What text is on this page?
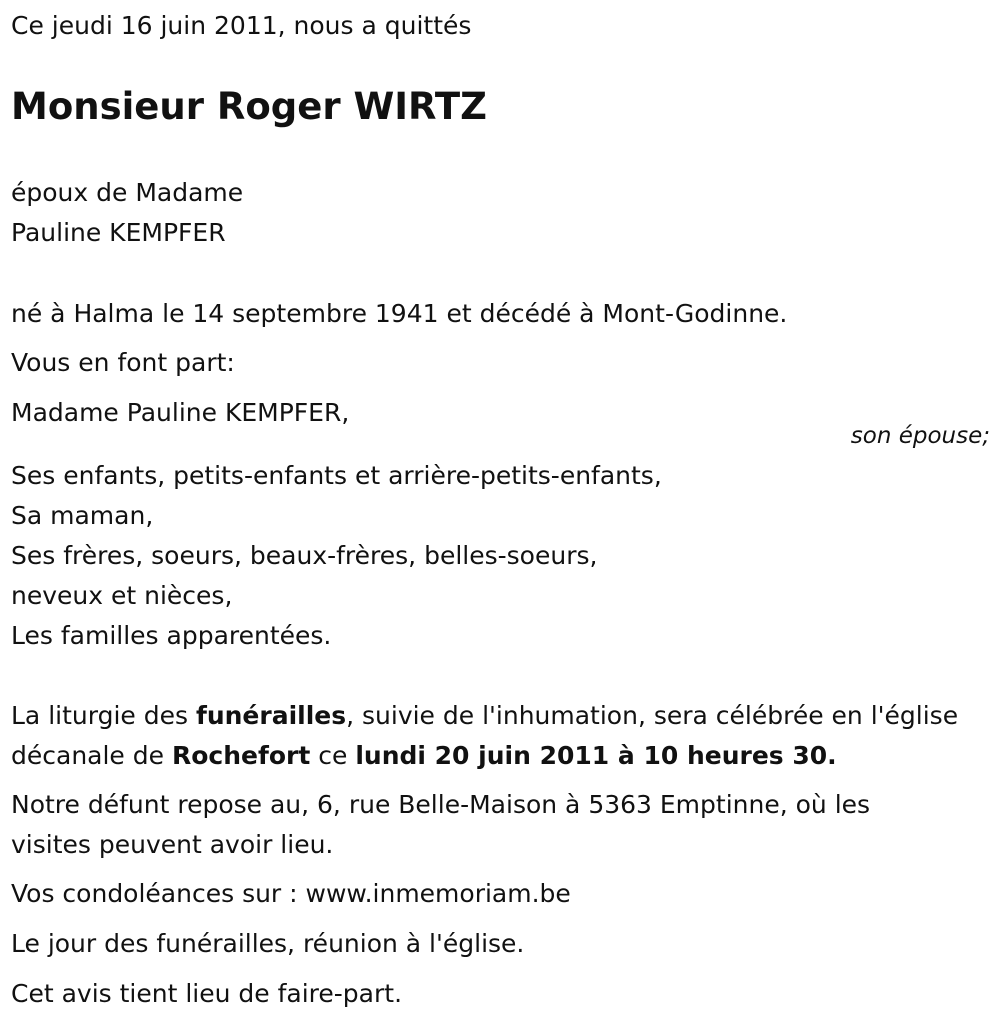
Ce jeudi 16 juin 2011, nous a quittés
Monsieur Roger WIRTZ
époux de Madame
Pauline KEMPFER
né à Halma le 14 septembre 1941 et décédé à Mont-Godinne.
Vous en font part:
Madame Pauline KEMPFER,
son épouse;
Ses enfants, petits-enfants et arrière-petits-enfants,
Sa maman,
Ses frères, soeurs, beaux-frères, belles-soeurs,
neveux et nièces,
Les familles apparentées.
La liturgie des funérailles, suivie de l'inhumation, sera célébrée en l'église
décanale de Rochefort ce lundi 20 juin 2011 à 10 heures 30.
Notre défunt repose au, 6, rue Belle-Maison à 5363 Emptinne, où les
visites peuvent avoir lieu.
Vos condoléances sur : www.inmemoriam.be
Le jour des funérailles, réunion à l'église.
Cet avis tient lieu de faire-part.
